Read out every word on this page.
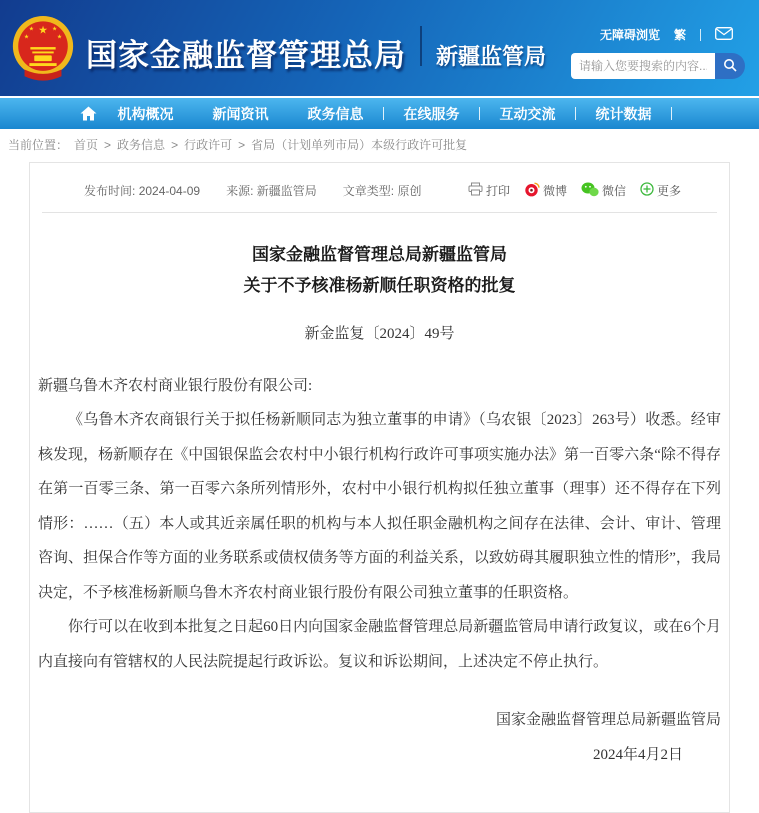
★
★	★
★	★
国家金融监督管理总局 新疆监管局
无障碍浏览 繁
请输入您要搜索的内容...
机构概况	新闻资讯	政务信息	在线服务	互动交流	统计数据
当前位置： 首页 > 政务信息 > 行政许可 > 省局（计划单列市局）本级行政许可批复
发布时间: 2024-04-09 来源: 新疆监管局 文章类型: 原创	打印	微博	微信	更多
国家金融监督管理总局新疆监管局
关于不予核准杨新顺任职资格的批复
新金监复〔2024〕49号

新疆乌鲁木齐农村商业银行股份有限公司:

《乌鲁木齐农商银行关于拟任杨新顺同志为独立董事的申请》（乌农银〔2023〕263号）收悉。经审核发现，杨新顺存在《中国银保监会农村中小银行机构行政许可事项实施办法》第一百零六条“除不得存在第一百零三条、第一百零六条所列情形外，农村中小银行机构拟任独立董事（理事）还不得存在下列情形：……（五）本人或其近亲属任职的机构与本人拟任职金融机构之间存在法律、会计、审计、管理咨询、担保合作等方面的业务联系或债权债务等方面的利益关系，以致妨碍其履职独立性的情形”，我局决定，不予核准杨新顺乌鲁木齐农村商业银行股份有限公司独立董事的任职资格。

你行可以在收到本批复之日起60日内向国家金融监督管理总局新疆监管局申请行政复议，或在6个月内直接向有管辖权的人民法院提起行政诉讼。复议和诉讼期间，上述决定不停止执行。

国家金融监督管理总局新疆监管局
2024年4月2日
